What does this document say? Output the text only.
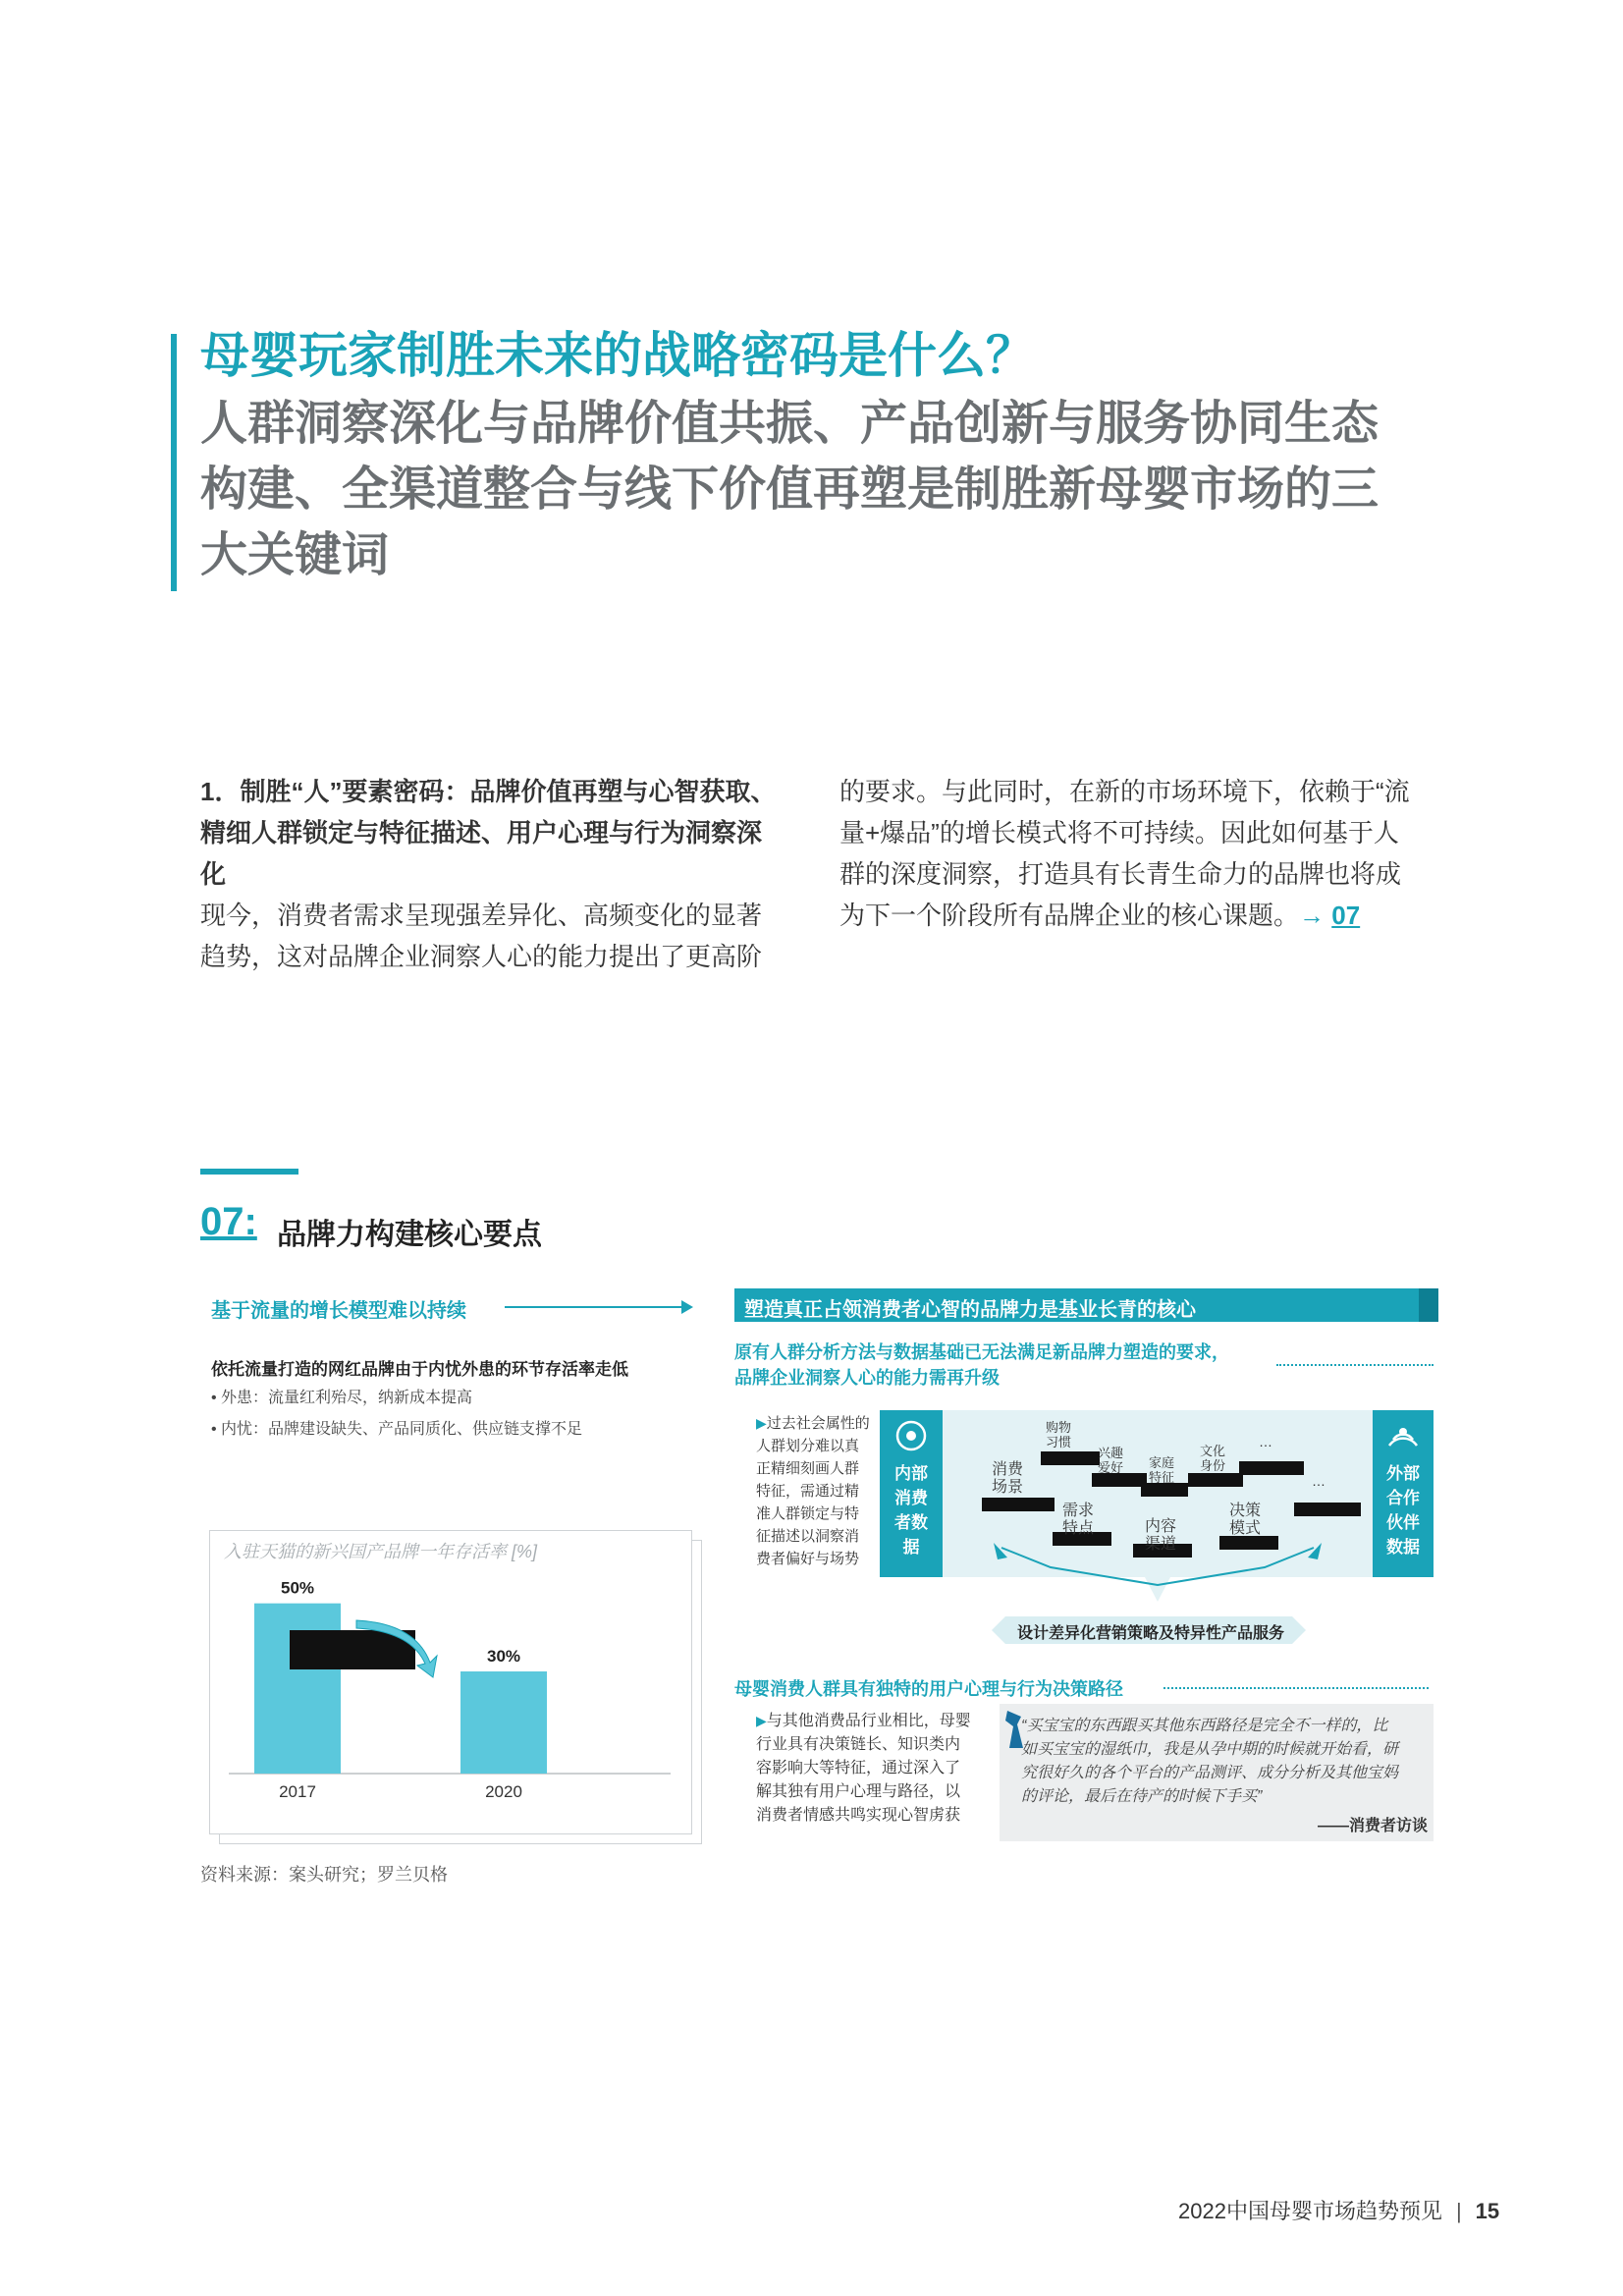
母婴玩家制胜未来的战略密码是什么？
人群洞察深化与品牌价值共振、产品创新与服务协同生态
构建、全渠道整合与线下价值再塑是制胜新母婴市场的三
大关键词
1．制胜“人”要素密码：品牌价值再塑与心智获取、
精细人群锁定与特征描述、用户心理与行为洞察深
化
现今，消费者需求呈现强差异化、高频变化的显著
趋势，这对品牌企业洞察人心的能力提出了更高阶
的要求。与此同时，在新的市场环境下，依赖于“流
量+爆品”的增长模式将不可持续。因此如何基于人
群的深度洞察，打造具有长青生命力的品牌也将成
为下一个阶段所有品牌企业的核心课题。→ 07
07: 品牌力构建核心要点
基于流量的增长模型难以持续
依托流量打造的网红品牌由于内忧外患的环节存活率走低
• 外患：流量红利殆尽，纳新成本提高
• 内忧：品牌建设缺失、产品同质化、供应链支撑不足
入驻天猫的新兴国产品牌一年存活率 [%]
50%
2017
30%
2020
资料来源：案头研究；罗兰贝格
塑造真正占领消费者心智的品牌力是基业长青的核心
原有人群分析方法与数据基础已无法满足新品牌力塑造的要求，
品牌企业洞察人心的能力需再升级
▶过去社会属性的
人群划分难以真
正精细刻画人群
特征，需通过精
准人群锁定与特
征描述以洞察消
费者偏好与场势
消费
场景
购物
习惯
兴趣
爱好 家庭
特征
文化
身份
…
…
需求
特点	内容
渠道
决策
模式
内部
消费
者数
据
外部
合作
伙伴
数据
设计差异化营销策略及特异性产品服务
母婴消费人群具有独特的用户心理与行为决策路径
▶与其他消费品行业相比，母婴
行业具有决策链长、知识类内
容影响大等特征，通过深入了
解其独有用户心理与路径，以
消费者情感共鸣实现心智虏获
“买宝宝的东西跟买其他东西路径是完全不一样的，比
如买宝宝的湿纸巾，我是从孕中期的时候就开始看，研
究很好久的各个平台的产品测评、成分分析及其他宝妈
的评论，最后在待产的时候下手买”
——消费者访谈
2022中国母婴市场趋势预见 | 15
